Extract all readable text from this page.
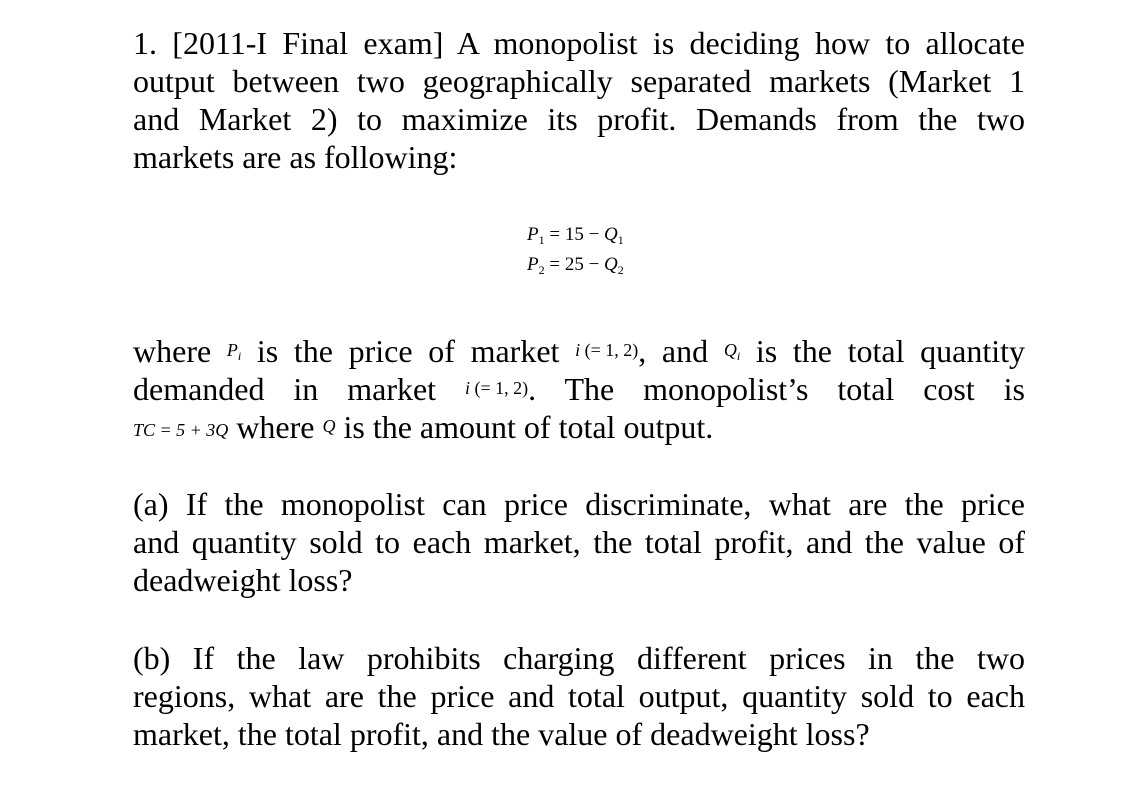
1. [2011-I Final exam] A monopolist is deciding how to allocate
output between two geographically separated markets (Market 1
and Market 2) to maximize its profit. Demands from the two
markets are as following:
$P_1 = 15 - Q_1$
$P_2 = 25 - Q_2$
where $P_i$ is the price of market i (= 1, 2), and $Q_i$ is the total quantity
demanded in market i (= 1, 2). The monopolist’s total cost is
TC = 5 + 3Q where Q is the amount of total output.
(a) If the monopolist can price discriminate, what are the price
and quantity sold to each market, the total profit, and the value of
deadweight loss?
(b) If the law prohibits charging different prices in the two
regions, what are the price and total output, quantity sold to each
market, the total profit, and the value of deadweight loss?
